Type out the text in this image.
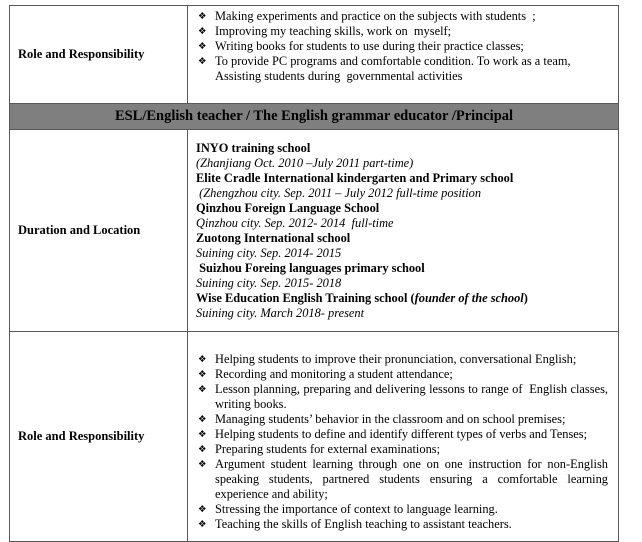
Role and Responsibility
❖ Making experiments and practice on the subjects with students  ;
❖ Improving my teaching skills, work on  myself;
❖ Writing books for students to use during their practice classes;
❖ To provide PC programs and comfortable condition. To work as a team, Assisting students during  governmental activities
ESL/English teacher / The English grammar educator /Principal
Duration and Location
INYO training school
(Zhanjiang Oct. 2010 –July 2011 part-time)
Elite Cradle International kindergarten and Primary school
(Zhengzhou city. Sep. 2011 – July 2012 full-time position
Qinzhou Foreign Language School
Qinzhou city. Sep. 2012- 2014  full-time
Zuotong International school
Suining city. Sep. 2014- 2015
Suizhou Foreing languages primary school
Suining city. Sep. 2015- 2018
Wise Education English Training school (founder of the school)
Suining city. March 2018- present
Role and Responsibility
❖ Helping students to improve their pronunciation, conversational English;
❖ Recording and monitoring a student attendance;
❖ Lesson planning, preparing and delivering lessons to range of  English classes, writing books.
❖ Managing students’ behavior in the classroom and on school premises;
❖ Helping students to define and identify different types of verbs and Tenses;
❖ Preparing students for external examinations;
❖ Argument student learning through one on one instruction for non-English speaking students, partnered students ensuring a comfortable learning experience and ability;
❖ Stressing the importance of context to language learning.
❖ Teaching the skills of English teaching to assistant teachers.
